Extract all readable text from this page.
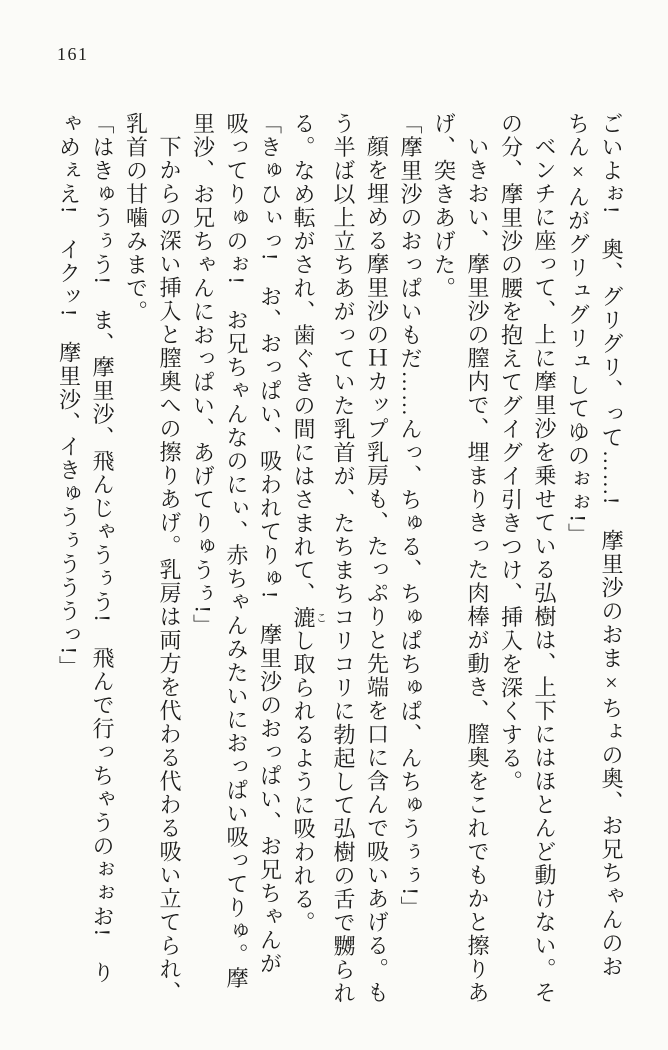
161
ごいよぉ!　奥、グリグリ、って……!　摩里沙のおま×ちょの奥、お兄ちゃんのお
ちん×んがグリュグリュしてゆのぉぉ!」
ベンチに座って、上に摩里沙を乗せている弘樹は、上下にはほとんど動けない。そ
の分、摩里沙の腰を抱えてグイグイ引きつけ、挿入を深くする。
いきおい、摩里沙の膣内で、埋まりきった肉棒が動き、膣奥をこれでもかと擦りあ
げ、突きあげた。
「摩里沙のおっぱいもだ……んっ、ちゅる、ちゅぱちゅぱ、んちゅうぅぅ!」
顔を埋める摩里沙のＨカップ乳房も、たっぷりと先端を口に含んで吸いあげる。も
う半ば以上立ちあがっていた乳首が、たちまちコリコリに勃起して弘樹の舌で嬲られ
る。なめ転がされ、歯ぐきの間にはさまれて、漉こし取られるように吸われる。
「きゅひぃっ!　お、おっぱい、吸われてりゅ!　摩里沙のおっぱい、お兄ちゃんが
吸ってりゅのぉ!　お兄ちゃんなのにぃ、赤ちゃんみたいにおっぱい吸ってりゅ。摩
里沙、お兄ちゃんにおっぱい、あげてりゅうぅ!」
下からの深い挿入と膣奥への擦りあげ。乳房は両方を代わる代わる吸い立てられ、
乳首の甘噛みまで。
「はきゅうぅう!　ま、摩里沙、飛んじゃうぅう!　飛んで行っちゃうのぉぉお!　り
ゃめぇえ!　イクッ!　摩里沙、イきゅうぅうううっ!」
